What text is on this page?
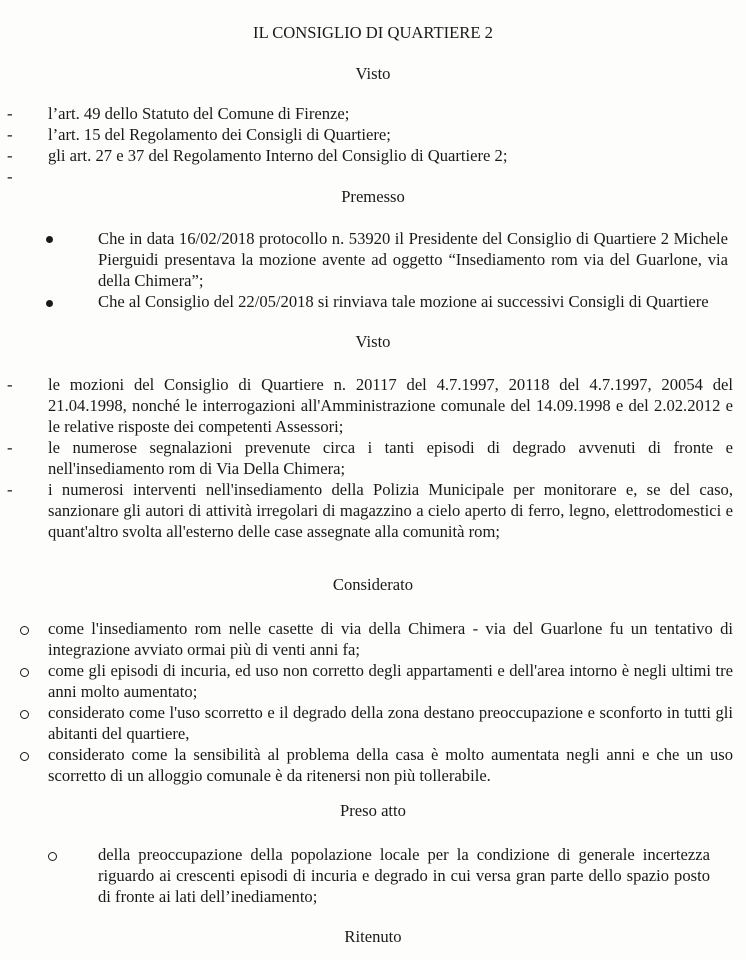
IL CONSIGLIO DI QUARTIERE 2
Visto
-	l’art. 49 dello Statuto del Comune di Firenze;
-	l’art. 15 del Regolamento dei Consigli di Quartiere;
-	gli art. 27 e 37 del Regolamento Interno del Consiglio di Quartiere 2;
-
Premesso
Che in data 16/02/2018 protocollo n. 53920 il Presidente del Consiglio di Quartiere 2 Michele Pierguidi presentava la mozione avente ad oggetto “Insediamento rom via del Guarlone, via della Chimera”;
Che al Consiglio del 22/05/2018 si rinviava tale mozione ai successivi Consigli di Quartiere
Visto
-	le mozioni del Consiglio di Quartiere n. 20117 del 4.7.1997, 20118 del 4.7.1997, 20054 del 21.04.1998, nonché le interrogazioni all'Amministrazione comunale del 14.09.1998 e del 2.02.2012 e le relative risposte dei competenti Assessori;
-	le numerose segnalazioni prevenute circa i tanti episodi di degrado avvenuti di fronte e nell'insediamento rom di Via Della Chimera;
-	i numerosi interventi nell'insediamento della Polizia Municipale per monitorare e, se del caso, sanzionare gli autori di attività irregolari di magazzino a cielo aperto di ferro, legno, elettrodomestici e quant'altro svolta all'esterno delle case assegnate alla comunità rom;
Considerato
come l'insediamento rom nelle casette di via della Chimera - via del Guarlone fu un tentativo di integrazione avviato ormai più di venti anni fa;
come gli episodi di incuria, ed uso non corretto degli appartamenti e dell'area intorno è negli ultimi tre anni molto aumentato;
considerato come l'uso scorretto e il degrado della zona destano preoccupazione e sconforto in tutti gli abitanti del quartiere,
considerato come la sensibilità al problema della casa è molto aumentata negli anni e che un uso scorretto di un alloggio comunale è da ritenersi non più tollerabile.
Preso atto
della preoccupazione della popolazione locale per la condizione di generale incertezza riguardo ai crescenti episodi di incuria e degrado in cui versa gran parte dello spazio posto di fronte ai lati dell’inediamento;
Ritenuto
